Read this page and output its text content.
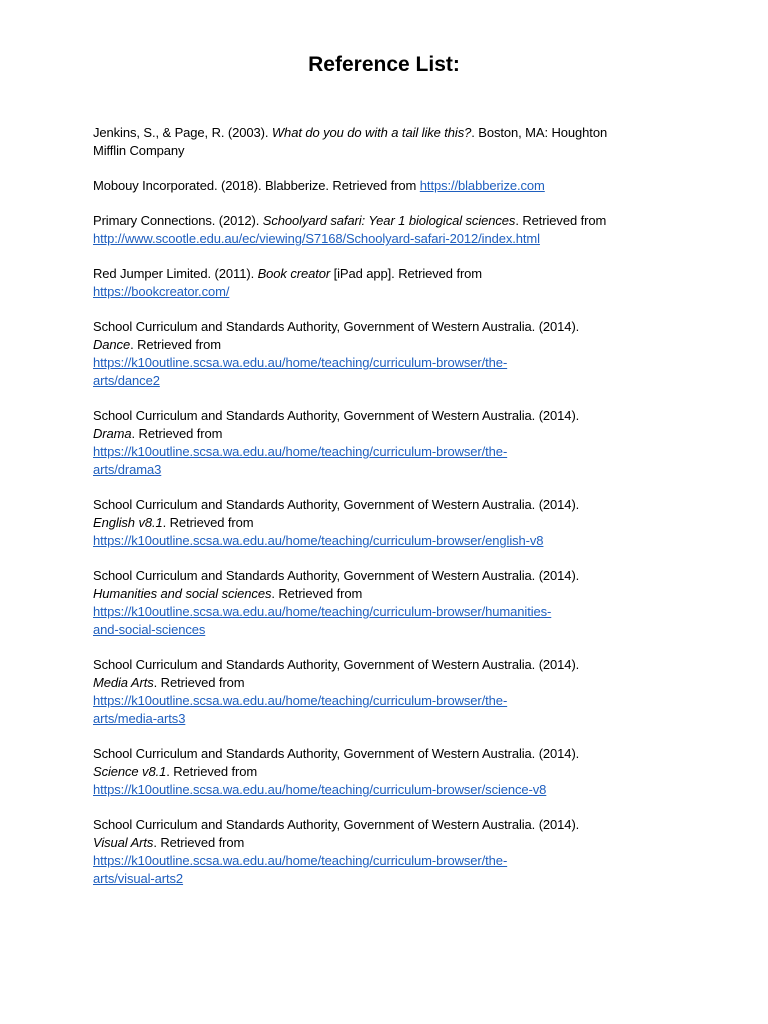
Reference List:
Jenkins, S., & Page, R. (2003). What do you do with a tail like this?. Boston, MA: Houghton
Mifflin Company
Mobouy Incorporated. (2018). Blabberize. Retrieved from https://blabberize.com
Primary Connections. (2012). Schoolyard safari: Year 1 biological sciences. Retrieved from
http://www.scootle.edu.au/ec/viewing/S7168/Schoolyard-safari-2012/index.html
Red Jumper Limited. (2011). Book creator [iPad app]. Retrieved from
https://bookcreator.com/
School Curriculum and Standards Authority, Government of Western Australia. (2014).
Dance. Retrieved from
https://k10outline.scsa.wa.edu.au/home/teaching/curriculum-browser/the-
arts/dance2
School Curriculum and Standards Authority, Government of Western Australia. (2014).
Drama. Retrieved from
https://k10outline.scsa.wa.edu.au/home/teaching/curriculum-browser/the-
arts/drama3
School Curriculum and Standards Authority, Government of Western Australia. (2014).
English v8.1. Retrieved from
https://k10outline.scsa.wa.edu.au/home/teaching/curriculum-browser/english-v8
School Curriculum and Standards Authority, Government of Western Australia. (2014).
Humanities and social sciences. Retrieved from
https://k10outline.scsa.wa.edu.au/home/teaching/curriculum-browser/humanities-
and-social-sciences
School Curriculum and Standards Authority, Government of Western Australia. (2014).
Media Arts. Retrieved from
https://k10outline.scsa.wa.edu.au/home/teaching/curriculum-browser/the-
arts/media-arts3
School Curriculum and Standards Authority, Government of Western Australia. (2014).
Science v8.1. Retrieved from
https://k10outline.scsa.wa.edu.au/home/teaching/curriculum-browser/science-v8
School Curriculum and Standards Authority, Government of Western Australia. (2014).
Visual Arts. Retrieved from
https://k10outline.scsa.wa.edu.au/home/teaching/curriculum-browser/the-
arts/visual-arts2
